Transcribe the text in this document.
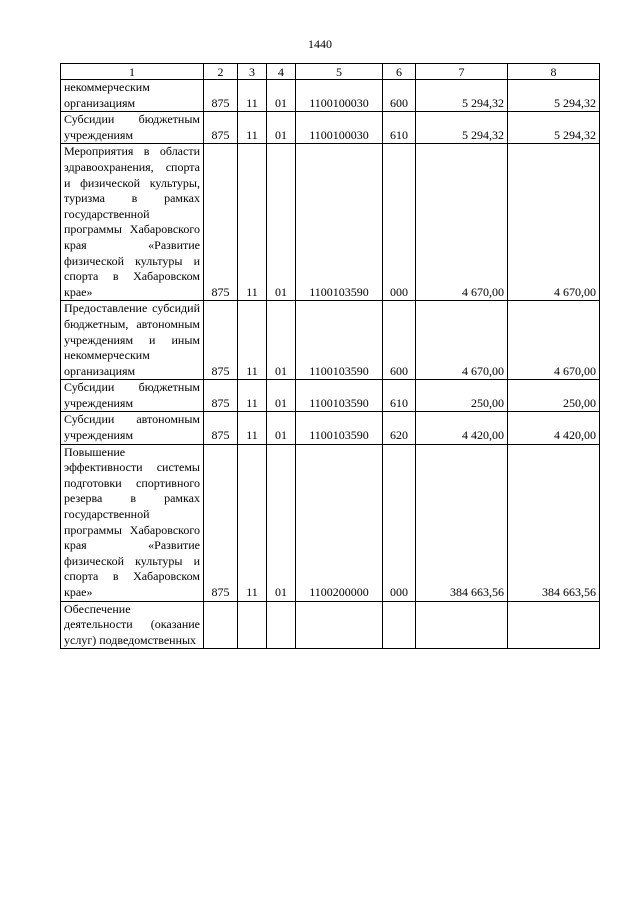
1440
1	2	3	4	5	6	7	8
некоммерческим организациям	875	11	01	1100100030	600	5 294,32	5 294,32
Субсидии бюджетным учреждениям	875	11	01	1100100030	610	5 294,32	5 294,32
Мероприятия в области здравоохранения, спорта и физической культуры, туризма в рамках государственной программы Хабаровского края «Развитие физической культуры и спорта в Хабаровском крае»	875	11	01	1100103590	000	4 670,00	4 670,00
Предоставление субсидий бюджетным, автономным учреждениям и иным некоммерческим организациям	875	11	01	1100103590	600	4 670,00	4 670,00
Субсидии бюджетным учреждениям	875	11	01	1100103590	610	250,00	250,00
Субсидии автономным учреждениям	875	11	01	1100103590	620	4 420,00	4 420,00
Повышение эффективности системы подготовки спортивного резерва в рамках государственной программы Хабаровского края «Развитие физической культуры и спорта в Хабаровском крае»	875	11	01	1100200000	000	384 663,56	384 663,56
Обеспечение деятельности (оказание услуг) подведомственных							
